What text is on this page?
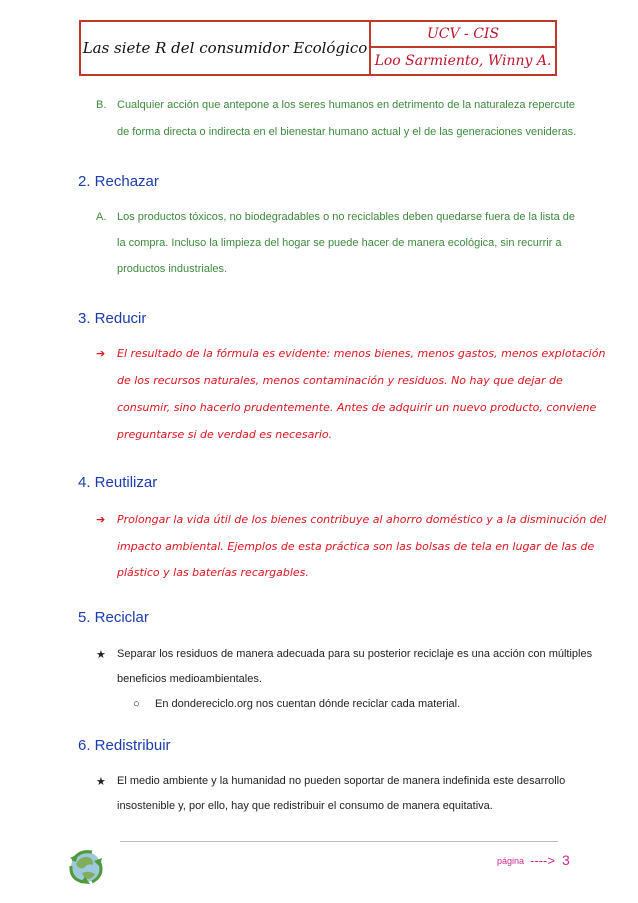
Las siete R del consumidor Ecológico
UCV - CIS
Loo Sarmiento, Winny A.
B. Cualquier acción que antepone a los seres humanos en detrimento de la naturaleza repercute
de forma directa o indirecta en el bienestar humano actual y el de las generaciones venideras.
2. Rechazar
A. Los productos tóxicos, no biodegradables o no reciclables deben quedarse fuera de la lista de
la compra. Incluso la limpieza del hogar se puede hacer de manera ecológica, sin recurrir a
productos industriales.
3. Reducir
➔ El resultado de la fórmula es evidente: menos bienes, menos gastos, menos explotación
de los recursos naturales, menos contaminación y residuos. No hay que dejar de
consumir, sino hacerlo prudentemente. Antes de adquirir un nuevo producto, conviene
preguntarse si de verdad es necesario.
4. Reutilizar
➔ Prolongar la vida útil de los bienes contribuye al ahorro doméstico y a la disminución del
impacto ambiental. Ejemplos de esta práctica son las bolsas de tela en lugar de las de
plástico y las baterías recargables.
5. Reciclar
★ Separar los residuos de manera adecuada para su posterior reciclaje es una acción con múltiples
beneficios medioambientales.
○ En dondereciclo.org nos cuentan dónde reciclar cada material.
6. Redistribuir
★ El medio ambiente y la humanidad no pueden soportar de manera indefinida este desarrollo
insostenible y, por ello, hay que redistribuir el consumo de manera equitativa.
página ----> 3
